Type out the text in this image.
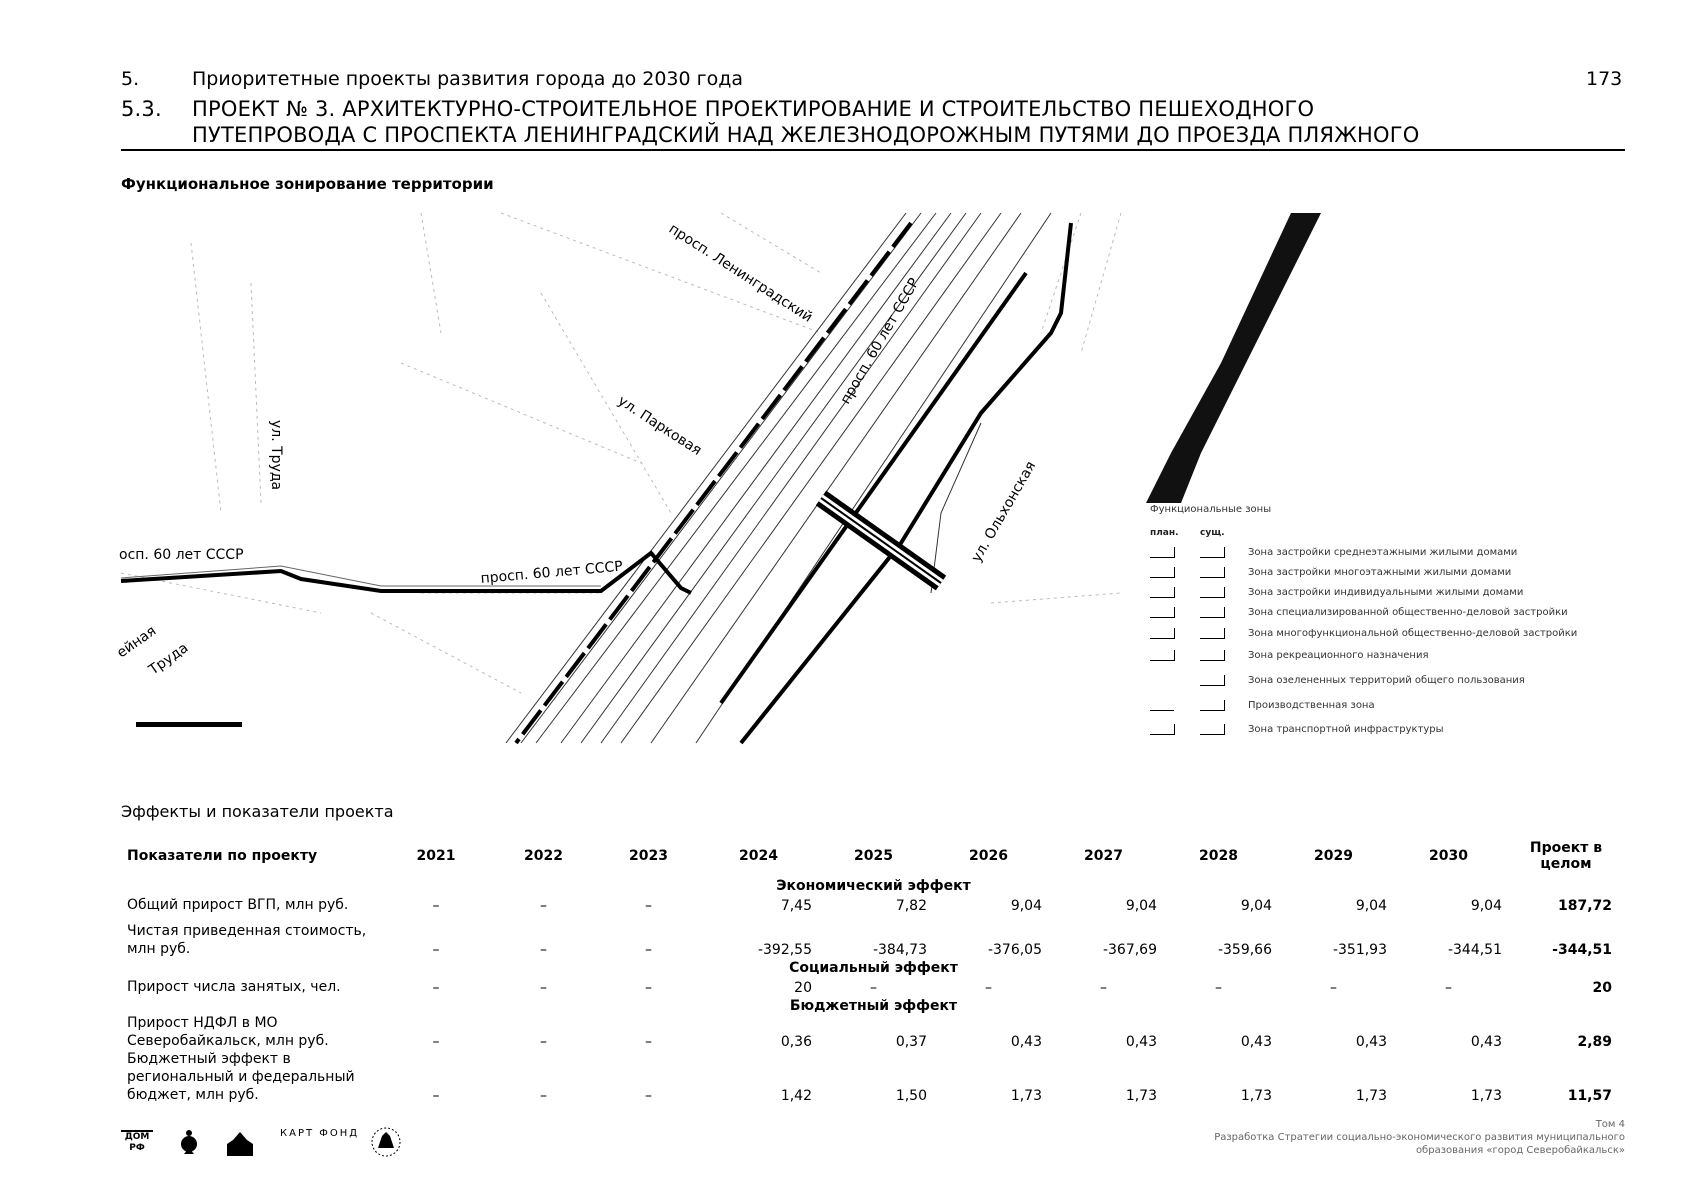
5.	Приоритетные проекты развития города до 2030 года	173
5.3. ПРОЕКТ № 3. АРХИТЕКТУРНО-СТРОИТЕЛЬНОЕ ПРОЕКТИРОВАНИЕ И СТРОИТЕЛЬСТВО ПЕШЕХОДНОГО
ПУТЕПРОВОДА С ПРОСПЕКТА ЛЕНИНГРАДСКИЙ НАД ЖЕЛЕЗНОДОРОЖНЫМ ПУТЯМИ ДО ПРОЕЗДА ПЛЯЖНОГО
Функциональное зонирование территории
просп. Ленинградский
просп. 60 лет СССР
ул. Парковая
ул. Труда
осп. 60 лет СССР
просп. 60 лет СССР
ул. Ольхонская
Труда
ейная
Функциональные зоны
план. сущ.
Зона застройки среднеэтажными жилыми домами
Зона застройки многоэтажными жилыми домами
Зона застройки индивидуальными жилыми домами
Зона специализированной общественно-деловой застройки
Зона многофункциональной общественно-деловой застройки
Зона рекреационного назначения
Зона озелененных территорий общего пользования
Производственная зона
Зона транспортной инфраструктуры
Эффекты и показатели проекта
Показатели по проекту	2021	2022	2023	2024	2025	2026	2027	2028	2029	2030	Проект в целом
Экономический эффект											
Общий прирост ВГП, млн руб.	–	–	–	7,45	7,82	9,04	9,04	9,04	9,04	9,04	187,72
Чистая приведенная стоимость, млн руб.	–	–	–	-392,55	-384,73	-376,05	-367,69	-359,66	-351,93	-344,51	-344,51
Социальный эффект											
Прирост числа занятых, чел.	–	–	–	20	–	–	–	–	–	–	20
Бюджетный эффект											
Прирост НДФЛ в МО Северобайкальск, млн руб.	–	–	–	0,36	0,37	0,43	0,43	0,43	0,43	0,43	2,89
Бюджетный эффект в региональный и федеральный бюджет, млн руб.	–	–	–	1,42	1,50	1,73	1,73	1,73	1,73	1,73	11,57
ДОМ РФ
КАРТ ФОНД
Том 4
Разработка Стратегии социально-экономического развития муниципального
образования «город Северобайкальск»
